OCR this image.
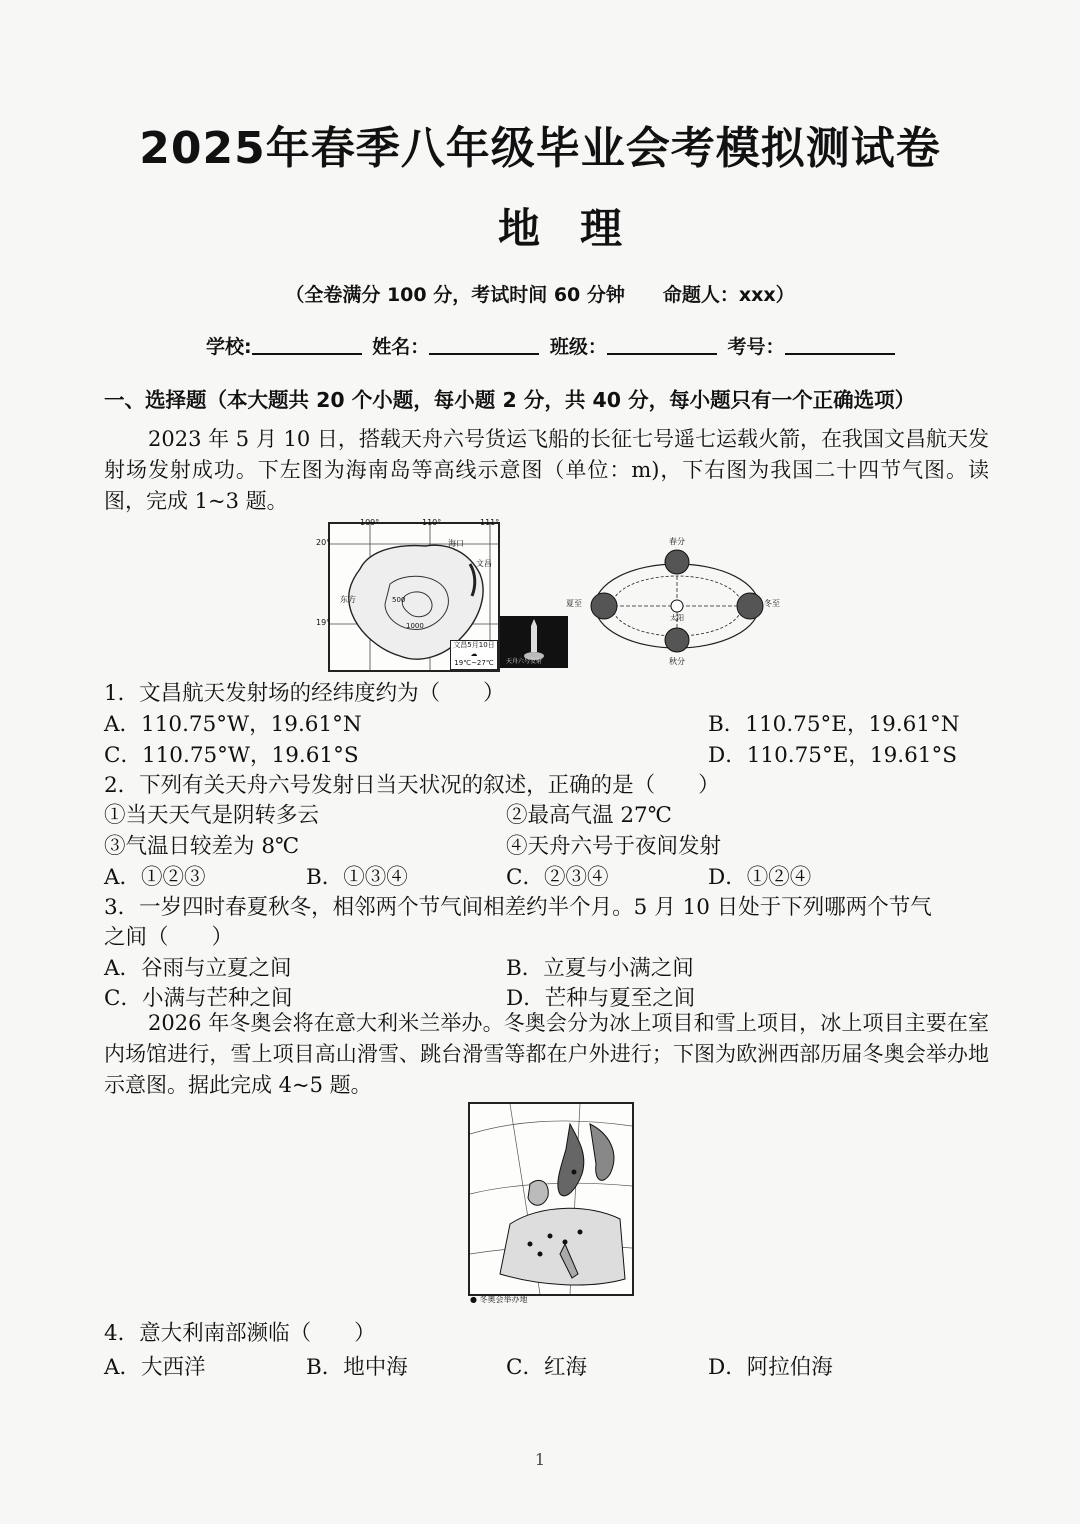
2025年春季八年级毕业会考模拟测试卷
地理
（全卷满分 100 分，考试时间 60 分钟　　命题人：xxx）
学校:	姓名：	班级：	考号：
一、选择题（本大题共 20 个小题，每小题 2 分，共 40 分，每小题只有一个正确选项）
2023 年 5 月 10 日，搭载天舟六号货运飞船的长征七号遥七运载火箭，在我国文昌航天发射场发射成功。下左图为海南岛等高线示意图（单位：m)，下右图为我国二十四节气图。读图，完成 1~3 题。
109°	110°	111°
20°
19°
海口
文昌
东方	500
1000
文昌5月10日
☁
19℃~27℃	天舟六号发射
春分
秋分
夏至	冬至
太阳
1．文昌航天发射场的经纬度约为（　　）
A．110.75°W，19.61°N	B．110.75°E，19.61°N
C．110.75°W，19.61°S	D．110.75°E，19.61°S
2．下列有关天舟六号发射日当天状况的叙述，正确的是（　　）
①当天天气是阴转多云	②最高气温 27℃
③气温日较差为 8℃	④天舟六号于夜间发射
A．①②③	B．①③④	C．②③④	D．①②④
3．一岁四时春夏秋冬，相邻两个节气间相差约半个月。5 月 10 日处于下列哪两个节气
之间（　　）
A．谷雨与立夏之间	B．立夏与小满之间
C．小满与芒种之间	D．芒种与夏至之间
2026 年冬奥会将在意大利米兰举办。冬奥会分为冰上项目和雪上项目，冰上项目主要在室内场馆进行，雪上项目高山滑雪、跳台滑雪等都在户外进行；下图为欧洲西部历届冬奥会举办地示意图。据此完成 4~5 题。
● 冬奥会举办地
4．意大利南部濒临（　　）
A．大西洋	B．地中海	C．红海	D．阿拉伯海
1
